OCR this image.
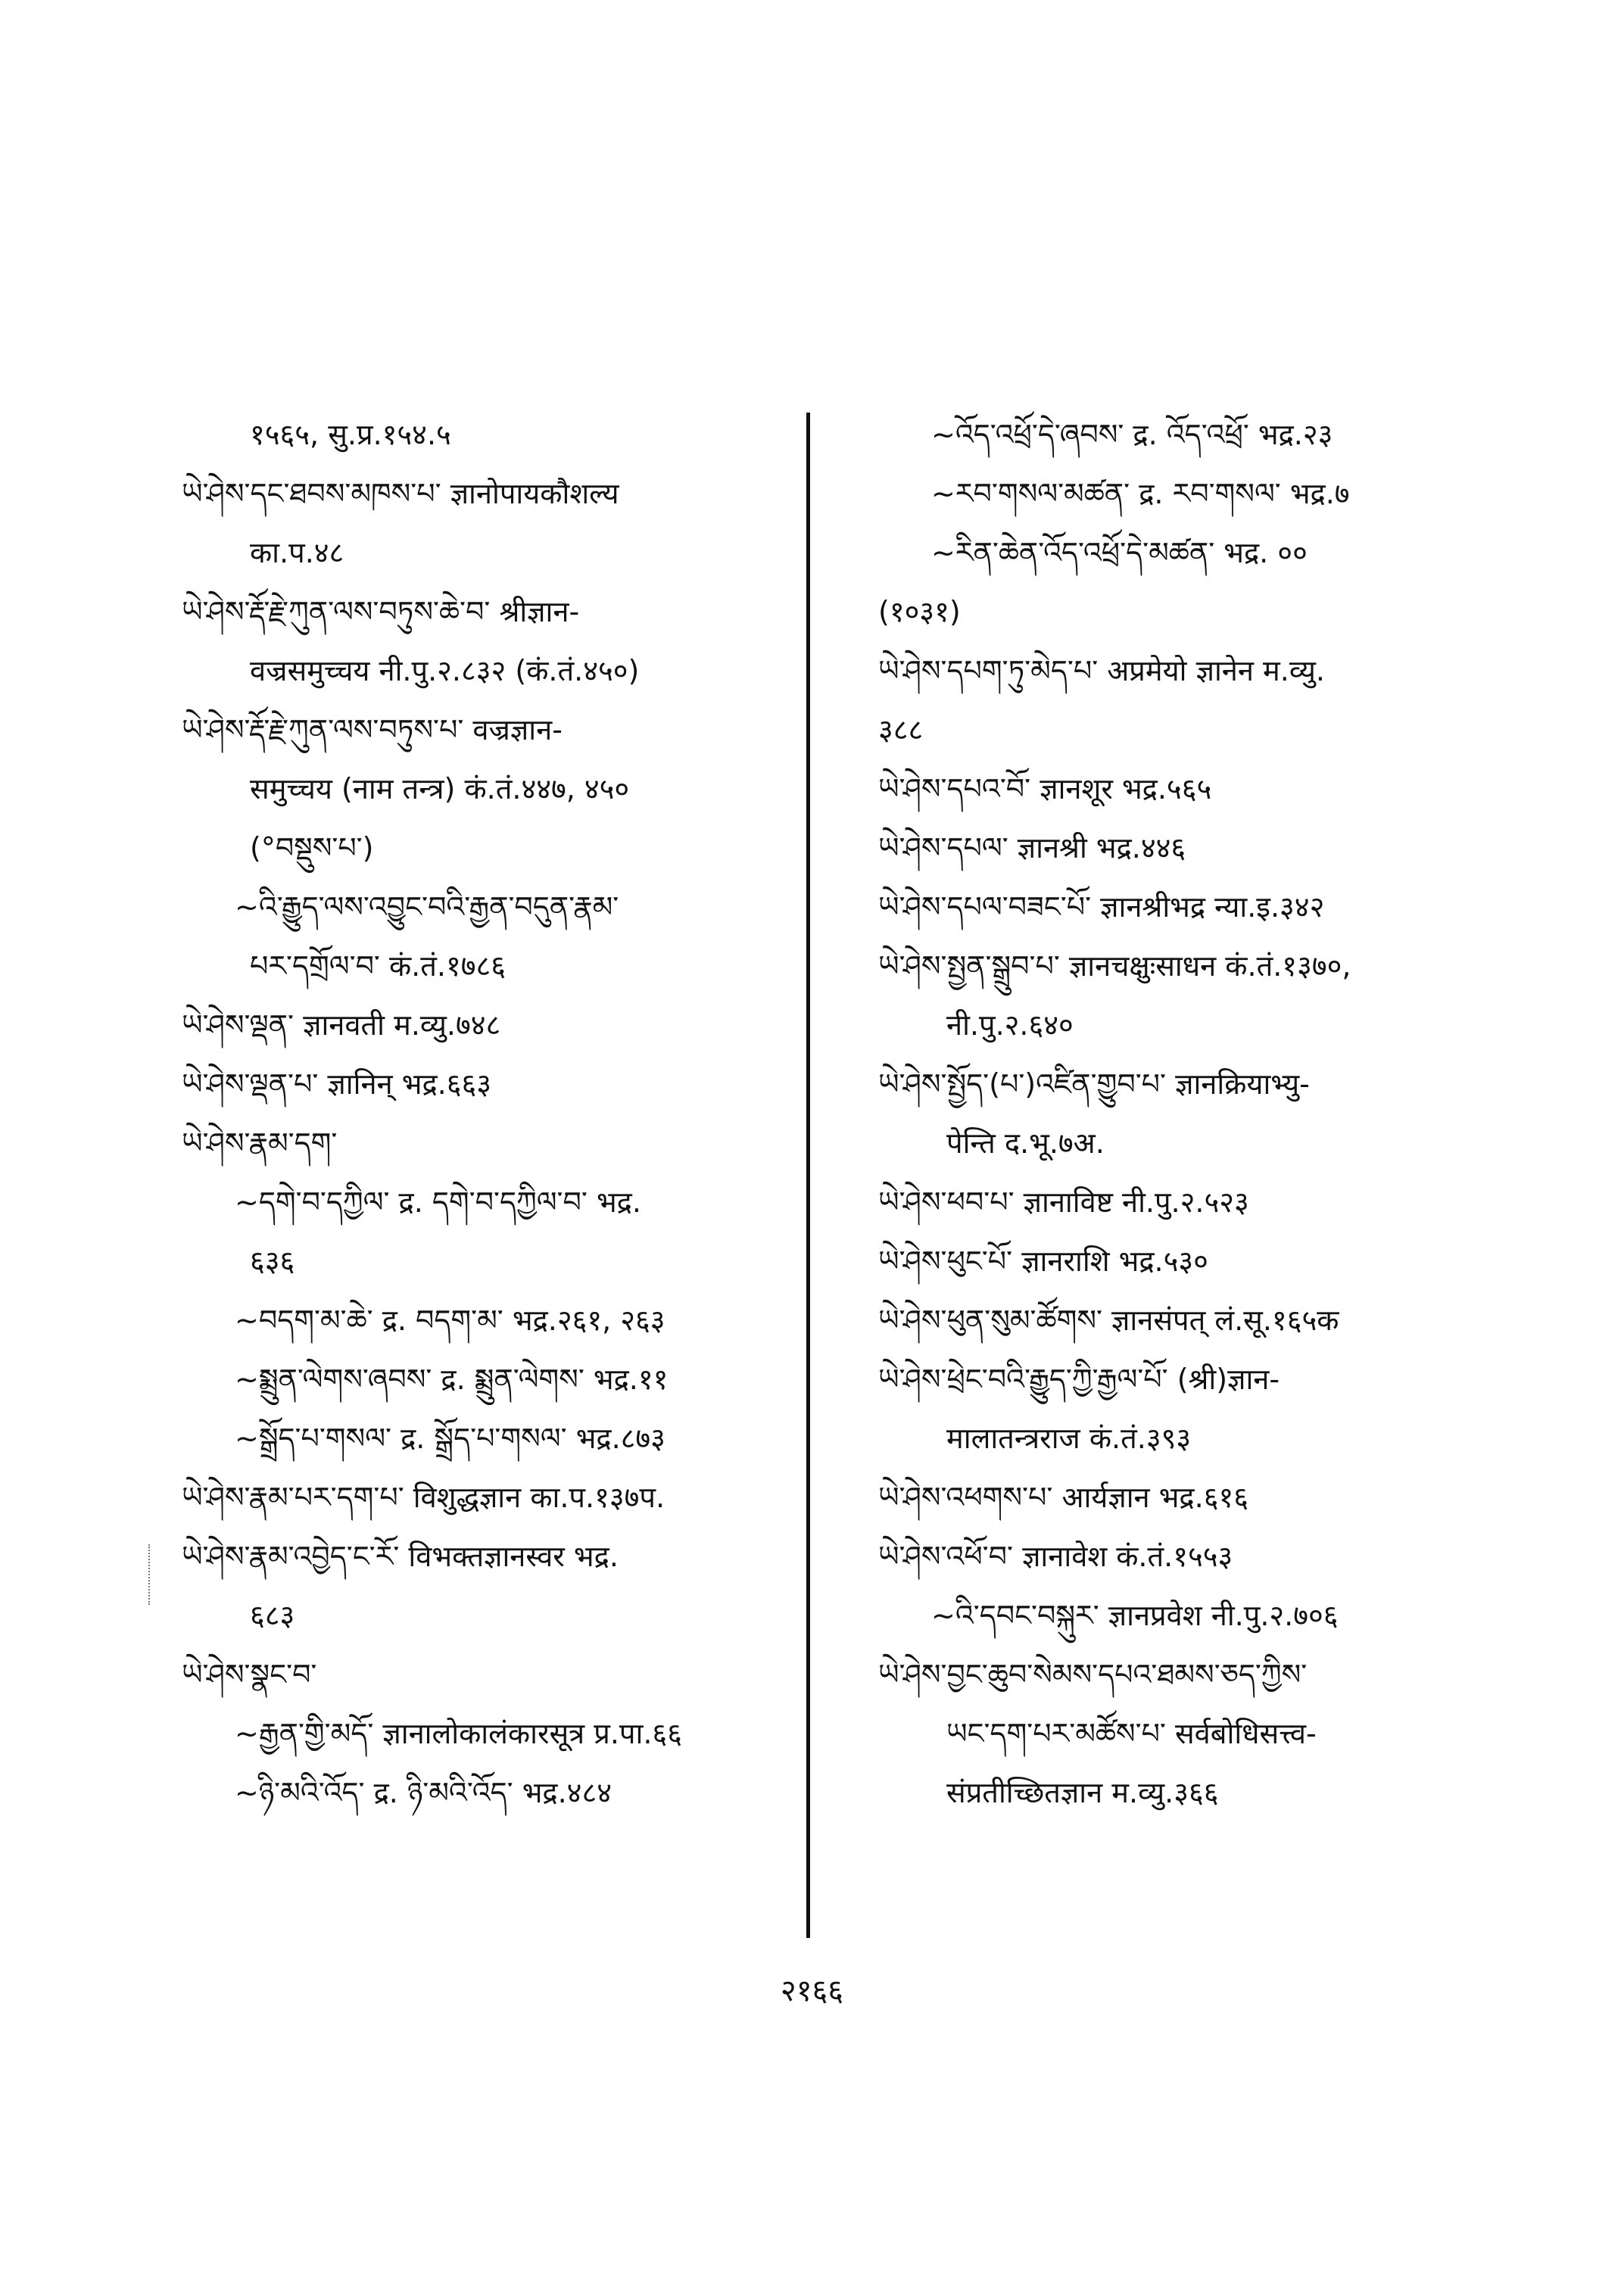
१५६५, सु.प्र.१५४.५
ཡེ་ཤེས་དང་ཐབས་མཁས་པ་ ज्ञानोपायकौशल्य
का.प.४८
ཡེ་ཤེས་རྡོ་རྗེ་ཀུན་ལས་བཏུས་ཆེ་བ་ श्रीज्ञान-
वज्रसमुच्चय नी.पु.२.८३२ (कं.तं.४५०)
ཡེ་ཤེས་རྡོ་རྗེ་ཀུན་ལས་བཏུས་པ་ वज्रज्ञान-
समुच्चय (नाम तन्त्र) कं.तं.४४७, ४५०
(°བསྡུས་པ་)
~འི་རྒྱུད་ལས་འབྱུང་བའི་རྒྱན་བདུན་རྣམ་
པར་དགྲོལ་བ་ कं.तं.१७८६
ཡེ་ཤེས་ལྡན་ ज्ञानवती म.व्यु.७४८
ཡེ་ཤེས་ལྡན་པ་ ज्ञानिन् भद्र.६६३
ཡེ་ཤེས་རྣམ་དག་
~དགེ་བ་དཀྱིལ་ द्र. དགེ་བ་དཀྱིལ་བ་ भद्र.
६३६
~བདག་མ་ཆེ་ द्र. བདག་མ་ भद्र.२६१, २६३
~སྨྲུན་ལེགས་ཞབས་ द्र. སྨྲུན་ལེགས་ भद्र.११
~སྒྲོད་པ་གསལ་ द्र. སྒྲོད་པ་གསལ་ भद्र.८७३
ཡེ་ཤེས་རྣམ་པར་དག་པ་ विशुद्धज्ञान का.प.१३७प.
ཡེ་ཤེས་རྣམ་འབྱེད་ང་རོ་ विभक्तज्ञानस्वर भद्र.
६८३
ཡེ་ཤེས་སྣང་བ་
~རྒྱན་གྱི་མདོ་ ज्ञानालोकालंकारसूत्र प्र.पा.६६
~ཉི་མའི་འོད་ द्र. ཉི་མའི་འོད་ भद्र.४८४
~འོད་འཕྲོ་དེ་ཞབས་ द्र. འོད་འཕྲོ་ भद्र.२३
~རབ་གསལ་མཚན་ द्र. རབ་གསལ་ भद्र.७
~རིན་ཆེན་འོད་འཕྲོ་དེ་མཚན་ भद्र. ००
(१०३१)
ཡེ་ཤེས་དཔག་ཏུ་མེད་པ་ अप्रमेयो ज्ञानेन म.व्यु.
३८८
ཡེ་ཤེས་དཔའ་བོ་ ज्ञानशूर भद्र.५६५
ཡེ་ཤེས་དཔལ་ ज्ञानश्री भद्र.४४६
ཡེ་ཤེས་དཔལ་བཟང་པོ་ ज्ञानश्रीभद्र न्या.इ.३४२
ཡེ་ཤེས་སྤྱན་སྒྲུབ་པ་ ज्ञानचक्षुःसाधन कं.तं.१३७०,
नी.पु.२.६४०
ཡེ་ཤེས་སྤྱོད་(པ་)འཛིན་གྱུབ་པ་ ज्ञानक्रियाभ्यु-
पेन्ति द.भू.७अ.
ཡེ་ཤེས་ཕབ་པ་ ज्ञानाविष्ट नी.पु.२.५२३
ཡེ་ཤེས་ཕུང་པོ་ ज्ञानराशि भद्र.५३०
ཡེ་ཤེས་ཕུན་སུམ་ཚོགས་ ज्ञानसंपत् लं.सू.१६५क
ཡེ་ཤེས་ཕྲེང་བའི་རྒྱུད་ཀྱི་རྒྱལ་པོ་ (श्री)ज्ञान-
मालातन्त्रराज कं.तं.३९३
ཡེ་ཤེས་འཕགས་པ་ आर्यज्ञान भद्र.६१६
ཡེ་ཤེས་འཕོ་བ་ ज्ञानावेश कं.तं.१५५३
~འི་དབང་བསྐུར་ ज्ञानप्रवेश नी.पु.२.७०६
ཡེ་ཤེས་བྱང་ཆུབ་སེམས་དཔའ་ཐམས་ཅད་ཀྱིས་
ཡང་དག་པར་མཚོས་པ་ सर्वबोधिसत्त्व-
संप्रतीच्छितज्ञान म.व्यु.३६६
२१६६
